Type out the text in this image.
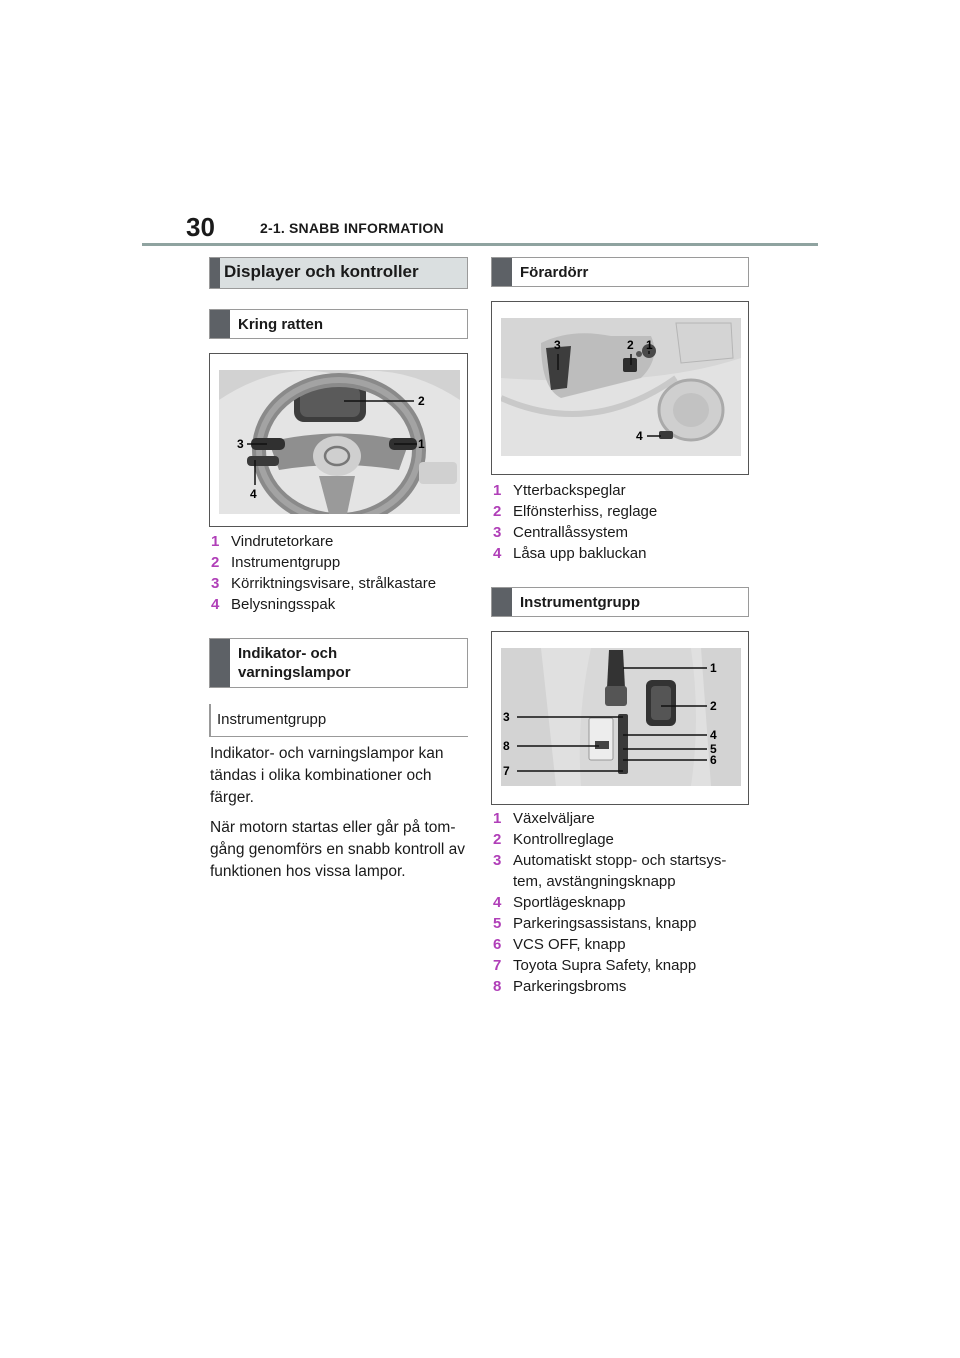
30	2-1. SNABB INFORMATION
Displayer och kontroller
Kring ratten
2
3	1
4
1 Vindrutetorkare
2 Instrumentgrupp
3 Körriktningsvisare, strålkastare
4 Belysningsspak
Indikator- och
varningslampor
Instrumentgrupp
Indikator- och varningslampor kan tändas i olika kombinationer och färger.
När motorn startas eller går på tom-gång genomförs en snabb kontroll av funktionen hos vissa lampor.
Förardörr
3	2 1
4
1 Ytterbackspeglar
2 Elfönsterhiss, reglage
3 Centrallåssystem
4 Låsa upp bakluckan
Instrumentgrupp
1
2
3
4
8	5
7
6
1 Växelväljare
2 Kontrollreglage
3 Automatiskt stopp- och startsys-
tem, avstängningsknapp
4 Sportlägesknapp
5 Parkeringsassistans, knapp
6 VCS OFF, knapp
7 Toyota Supra Safety, knapp
8 Parkeringsbroms
